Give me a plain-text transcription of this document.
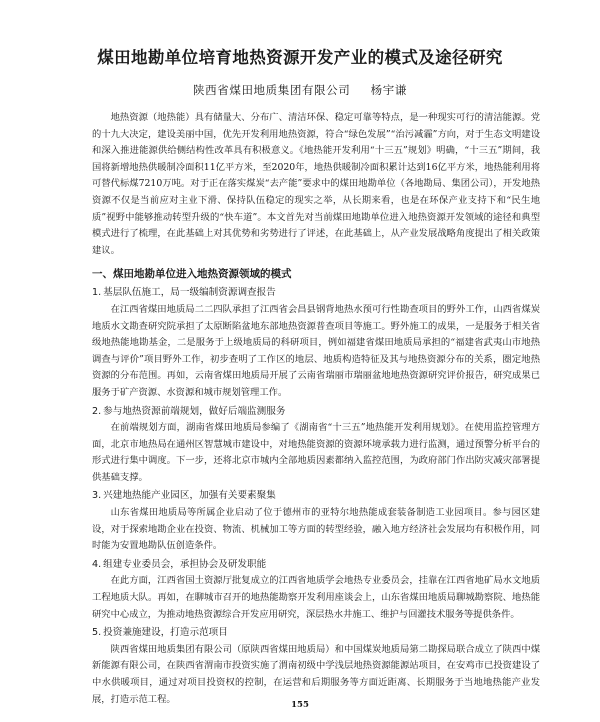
煤田地勘单位培育地热资源开发产业的模式及途径研究
陕西省煤田地质集团有限公司 杨宇谦

地热资源（地热能）具有储量大、分布广、清洁环保、稳定可靠等特点，是一种现实可行的清洁能源。党的十九大决定，建设美丽中国，优先开发利用地热资源，符合“绿色发展”“治污减霾”方向，对于生态文明建设和深入推进能源供给侧结构性改革具有积极意义。《地热能开发利用“十三五”规划》明确，“十三五”期间，我国将新增地热供暖制冷面积11亿平方米，至2020年，地热供暖制冷面积累计达到16亿平方米，地热能利用将可替代标煤7210万吨。对于正在落实煤炭“去产能”要求中的煤田地勘单位（各地勘局、集团公司），开发地热资源不仅是当前应对主业下滑、保持队伍稳定的现实之举，从长期来看，也是在环保产业支持下和“民生地质”视野中能够推动转型升级的“快车道”。本文首先对当前煤田地勘单位进入地热资源开发领域的途径和典型模式进行了梳理，在此基础上对其优势和劣势进行了评述，在此基础上，从产业发展战略角度提出了相关政策建议。

一、煤田地勘单位进入地热资源领域的模式
1. 基层队伍施工，局一级编制资源调查报告

在江西省煤田地质局二二四队承担了江西省会昌县钢背地热水预可行性勘查项目的野外工作，山西省煤炭地质水文勘查研究院承担了太原断陷盆地东部地热资源普查项目等施工。野外施工的成果，一是服务于相关省级地热能地勘基金，二是服务于上级地质局的科研项目，例如福建省煤田地质局承担的“福建省武夷山市地热调查与评价”项目野外工作，初步查明了工作区的地层、地质构造特征及其与地热资源分布的关系，圈定地热资源的分布范围。再如，云南省煤田地质局开展了云南省瑞丽市瑞丽盆地地热资源研究评价报告，研究成果已服务于矿产资源、水资源和城市规划管理工作。

2. 参与地热资源前端规划，做好后端监测服务

在前端规划方面，湖南省煤田地质局参编了《湖南省“十三五”地热能开发利用规划》。在使用监控管理方面，北京市地热局在通州区智慧城市建设中，对地热能资源的资源环境承载力进行监测，通过预警分析平台的形式进行集中调度。下一步，还将北京市城内全部地质因素都纳入监控范围，为政府部门作出防灾减灾部署提供基础支撑。

3. 兴建地热能产业园区，加强有关要素聚集

山东省煤田地质局等所属企业启动了位于德州市的亚特尔地热能成套装备制造工业园项目。参与园区建设，对于探索地勘企业在投资、物流、机械加工等方面的转型经验，融入地方经济社会发展均有积极作用，同时能为安置地勘队伍创造条件。

4. 组建专业委员会，承担协会及研发职能

在此方面，江西省国土资源厅批复成立的江西省地质学会地热专业委员会，挂靠在江西省地矿局水文地质工程地质大队。再如，在聊城市召开的地热能勘察开发利用座谈会上，山东省煤田地质局聊城勘察院、地热能研究中心成立，为推动地热资源综合开发应用研究，深层热水井施工、维护与回灌技术服务等提供条件。

5. 投资兼施建设，打造示范项目

陕西省煤田地质集团有限公司（原陕西省煤田地质局）和中国煤炭地质局第二勘探局联合成立了陕西中煤新能源有限公司，在陕西省渭南市投资实施了渭南初级中学浅层地热资源能源站项目，在安鸡市已投资建设了中水供暖项目，通过对项目投资权的控制，在运营和后期服务等方面近距离、长期服务于当地地热能产业发展，打造示范工程。

155
